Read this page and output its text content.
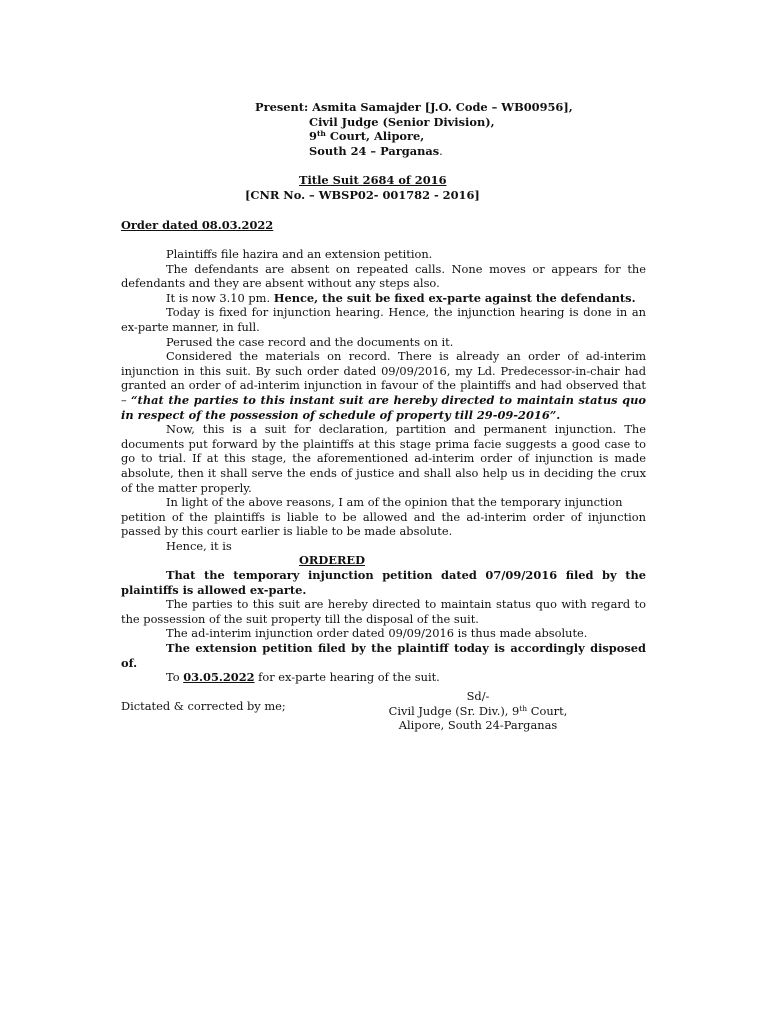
Present: Asmita Samajder [J.O. Code – WB00956],
Civil Judge (Senior Division),
9th Court, Alipore,
South 24 – Parganas.
Title Suit 2684 of 2016
[CNR No. – WBSP02- 001782 - 2016]
Order dated 08.03.2022

Plaintiffs file hazira and an extension petition.

The defendants are absent on repeated calls. None moves or appears for the defendants and they are absent without any steps also.

It is now 3.10 pm. Hence, the suit be fixed ex-parte against the defendants.

Today is fixed for injunction hearing. Hence, the injunction hearing is done in an ex-parte manner, in full.

Perused the case record and the documents on it.

Considered the materials on record. There is already an order of ad-interim injunction in this suit. By such order dated 09/09/2016, my Ld. Predecessor-in-chair had granted an order of ad-interim injunction in favour of the plaintiffs and had observed that – “that the parties to this instant suit are hereby directed to maintain status quo in respect of the possession of schedule of property till 29-09-2016”.

Now, this is a suit for declaration, partition and permanent injunction. The documents put forward by the plaintiffs at this stage prima facie suggests a good case to go to trial. If at this stage, the aforementioned ad-interim order of injunction is made absolute, then it shall serve the ends of justice and shall also help us in deciding the crux of the matter properly.

In light of the above reasons, I am of the opinion that the temporary injunction

petition of the plaintiffs is liable to be allowed and the ad-interim order of injunction passed by this court earlier is liable to be made absolute.

Hence, it is

ORDERED

That the temporary injunction petition dated 07/09/2016 filed by the plaintiffs is allowed ex-parte.

The parties to this suit are hereby directed to maintain status quo with regard to the possession of the suit property till the disposal of the suit.

The ad-interim injunction order dated 09/09/2016 is thus made absolute.

The extension petition filed by the plaintiff today is accordingly disposed of.

To 03.05.2022 for ex-parte hearing of the suit.

Dictated & corrected by me;

Sd/-
Civil Judge (Sr. Div.), 9th Court,
Alipore, South 24-Parganas
